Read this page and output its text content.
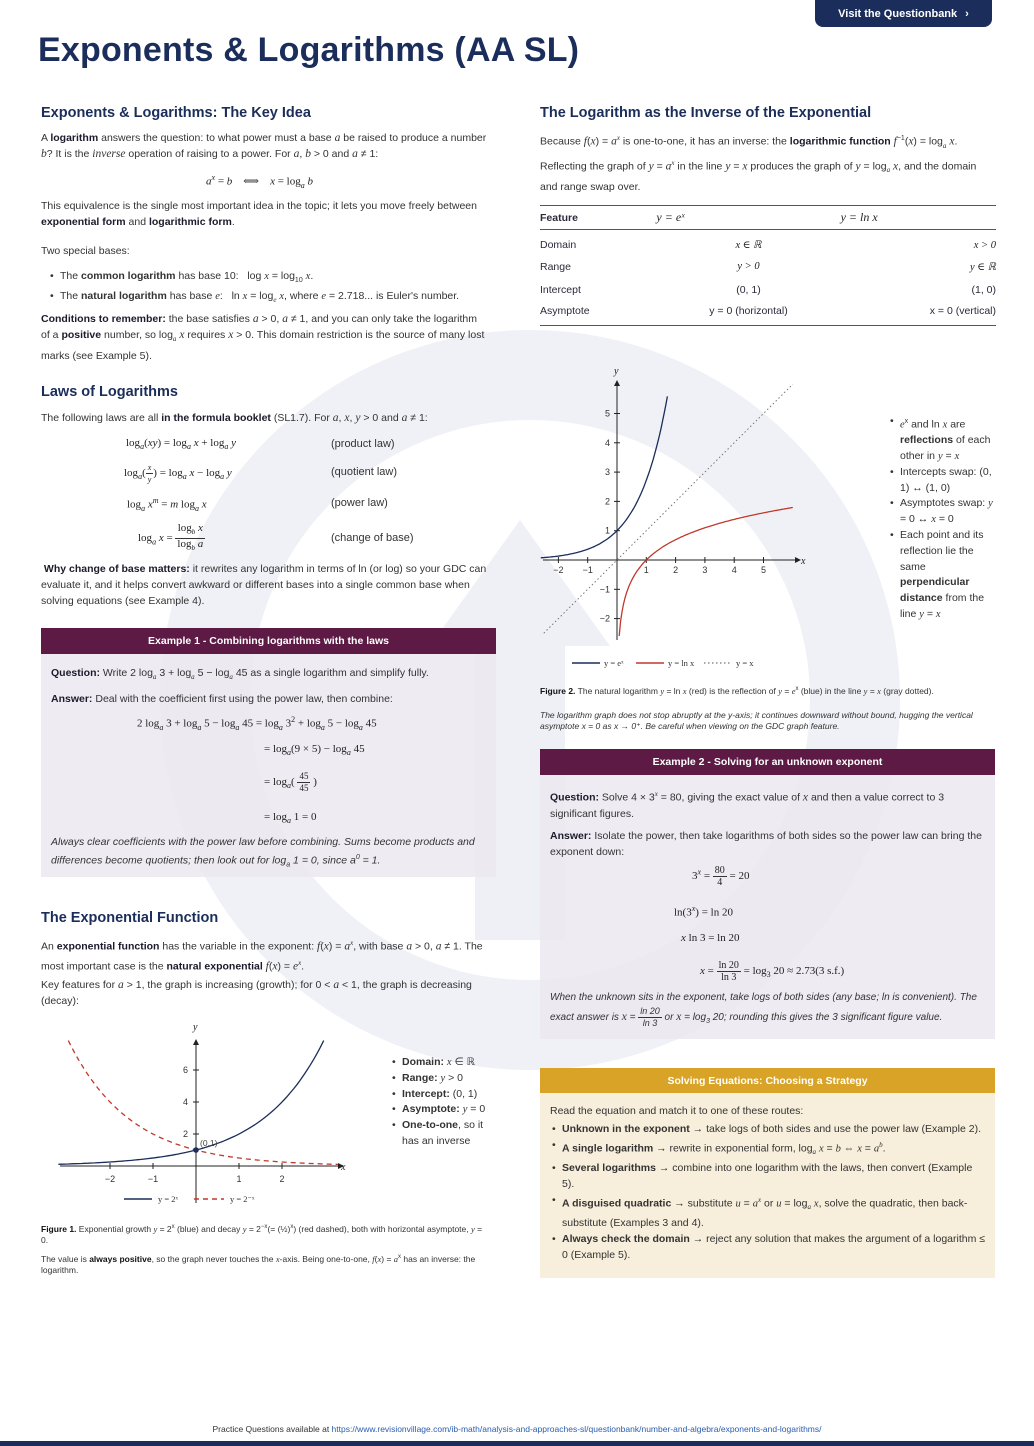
Visit the Questionbank ›
Exponents & Logarithms (AA SL)
Exponents & Logarithms: The Key Idea
A logarithm answers the question: to what power must a base a be raised to produce a number b? It is the inverse operation of raising to a power. For a, b > 0 and a ≠ 1:
$a^x = b$    ⟺    $x = \log_a b$
This equivalence is the single most important idea in the topic; it lets you move freely between exponential form and logarithmic form.
Two special bases:
• The common logarithm has base 10:   $\log x = \log_{10} x$.
• The natural logarithm has base e:   $\ln x = \log_e x$, where e = 2.718... is Euler's number.
Conditions to remember: the base satisfies a > 0, a ≠ 1, and you can only take the logarithm of a positive number, so $\log_a x$ requires x > 0. This domain restriction is the source of many lost marks (see Example 5).
Laws of Logarithms
The following laws are all in the formula booklet (SL1.7). For a, x, y > 0 and a ≠ 1:
$\log_a(xy) = \log_a x + \log_a y$	(product law)
$\log_a( \frac{x}{y}$ ) = $\log_a x - \log_a y$	(quotient law)
$\log_a x^m = m$ $\log_a x$	(power law)
$\log_a x = \frac{\log_b x}{\log_b a}$	(change of base)
Why change of base matters: it rewrites any logarithm in terms of ln (or log) so your GDC can evaluate it, and it helps convert awkward or different bases into a single common base when solving equations (see Example 4).
Example 1 - Combining logarithms with the laws
Question: Write 2 $\log_a 3 + \log_a 5 - \log_a 45$ as a single logarithm and simplify fully.
Answer: Deal with the coefficient first using the power law, then combine:
2 $\log_a 3 + \log_a 5 - \log_a 45 = \log_a 3^2 + \log_a 5 - \log_a 45$
= $\log_a(9 \times 5) - \log_a 45$
= $\log_a( \frac{45}{45}$ )
= $\log_a 1 = 0$
Always clear coefficients with the power law before combining. Sums become products and differences become quotients; then look out for $\log_a 1 = 0$, since $a^0 = 1$.
The Exponential Function
An exponential function has the variable in the exponent: $f(x) = a^x$, with base a > 0, a ≠ 1. The most important case is the natural exponential $f(x) = e^x$.
Key features for a > 1, the graph is increasing (growth); for 0 < a < 1, the graph is decreasing (decay):
x
y
−2	−1	1	2
2
4
6
(0,1)
y = 2ˣ	y = 2⁻ˣ
• Domain: x ∈ ℝ
• Range: y > 0
• Intercept: (0, 1)
• Asymptote: y = 0
• One-to-one, so it has an inverse
Figure 1. Exponential growth $y = 2^x$ (blue) and decay $y = 2^{-x}(=$ (½)$^x$) (red dashed), both with horizontal asymptote, y = 0.
The value is always positive, so the graph never touches the x-axis. Being one-to-one, $f(x) = a^x$ has an inverse: the logarithm.
The Logarithm as the Inverse of the Exponential
Because $f(x) = a^x$ is one-to-one, it has an inverse: the logarithmic function $f^{-1}(x) = \log_a x$. Reflecting the graph of $y = a^x$ in the line y = x produces the graph of $y = \log_a x$, and the domain and range swap over.
Feature	y = eˣ	y = ln x
Domain	x ∈ ℝ	x > 0
Range	y > 0	y ∈ ℝ
Intercept	(0, 1)	(1, 0)
Asymptote	y = 0 (horizontal)	x = 0 (vertical)
x
y
−2 −1	1	2	3	4	5
−2
−1
1
2
3
4
5
• $e^x$ and ln x are reflections of each other in y = x
• Intercepts swap: (0, 1) ↔ (1, 0)
• Asymptotes swap: y = 0 ↔ x = 0
• Each point and its reflection lie the same perpendicular distance from the line y = x
y = eˣ	y = ln x	y = x
Figure 2. The natural logarithm y = ln x (red) is the reflection of $y = e^x$ (blue) in the line y = x (gray dotted).
The logarithm graph does not stop abruptly at the y-axis; it continues downward without bound, hugging the vertical asymptote x = 0 as x → 0⁺. Be careful when viewing on the GDC graph feature.
Example 2 - Solving for an unknown exponent
Question: Solve $4 \times 3^x = 80$, giving the exact value of x and then a value correct to 3 significant figures.
Answer: Isolate the power, then take logarithms of both sides so the power law can bring the exponent down:
$3^x = \frac{80}{4} = 20$
$\ln(3^x) = \ln 20$
x ln 3 = ln 20
$x = \frac{\ln 20}{\ln 3} = \log_3 20 \approx 2.73(3$ s.f.)
When the unknown sits in the exponent, take logs of both sides (any base; ln is convenient). The exact answer is $x = \frac{\ln 20}{\ln 3}$ or $x = \log_3 20$; rounding this gives the 3 significant figure value.
Solving Equations: Choosing a Strategy
Read the equation and match it to one of these routes:
• Unknown in the exponent → take logs of both sides and use the power law (Example 2).
• A single logarithm → rewrite in exponential form, $\log_a x = b$ ⇔ $x = a^b$.
• Several logarithms → combine into one logarithm with the laws, then convert (Example 5).
• A disguised quadratic → substitute $u = a^x$ or $u = \log_a x$, solve the quadratic, then back-substitute (Examples 3 and 4).
• Always check the domain → reject any solution that makes the argument of a logarithm ≤ 0 (Example 5).
Practice Questions available at https://www.revisionvillage.com/ib-math/analysis-and-approaches-sl/questionbank/number-and-algebra/exponents-and-logarithms/
